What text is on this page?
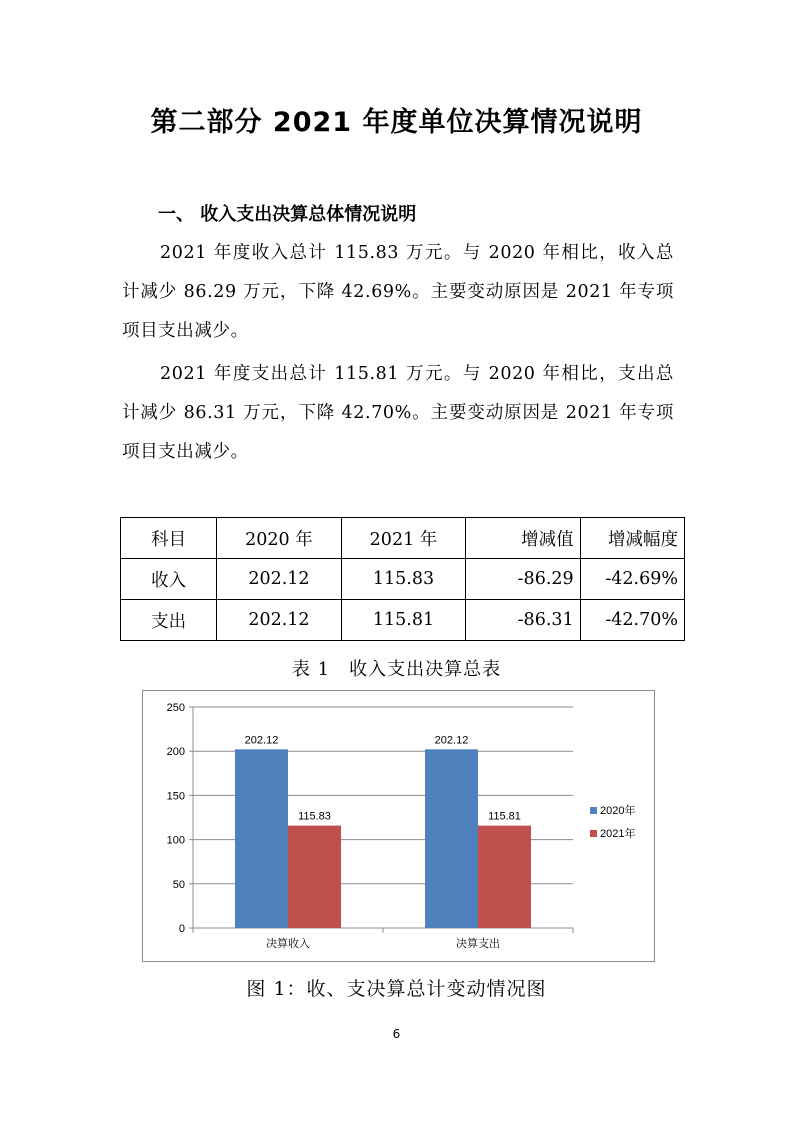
第二部分 2021 年度单位决算情况说明
一、 收入支出决算总体情况说明

2021 年度收入总计 115.83 万元。与 2020 年相比，收入总计减少 86.29 万元，下降 42.69%。主要变动原因是 2021 年专项项目支出减少。

2021 年度支出总计 115.81 万元。与 2020 年相比，支出总计减少 86.31 万元，下降 42.70%。主要变动原因是 2021 年专项项目支出减少。

科目	2020 年	2021 年	增减值	增减幅度
收入	202.12	115.83	-86.29	-42.69%
支出	202.12	115.81	-86.31	-42.70%
表 1　收入支出决算总表
0
50
100
150
200
250
202.12
115.83
决算收入
202.12
115.81
决算支出
2020年
2021年
图 1：收、支决算总计变动情况图
6
